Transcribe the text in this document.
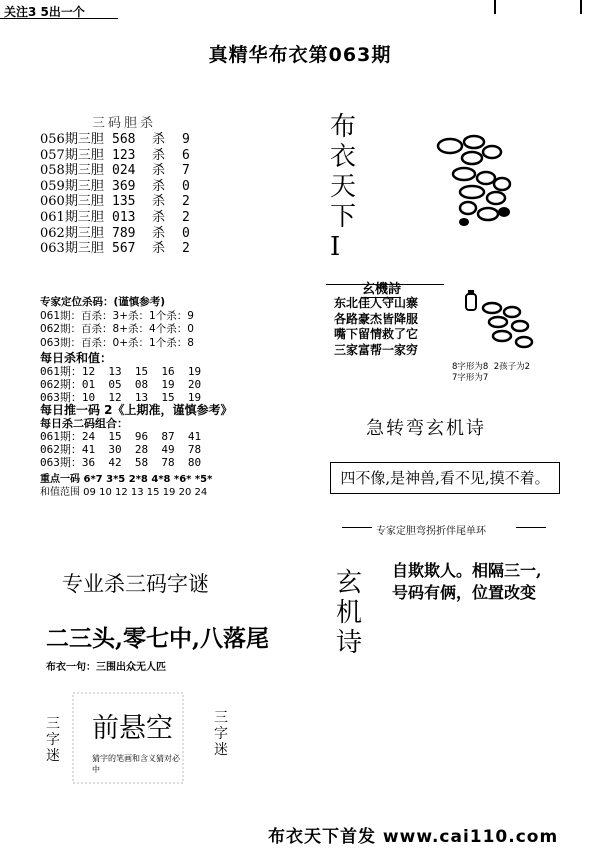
关注3 5出一个
真精华布衣第063期
三码胆杀
056期三胆 568 杀 9
057期三胆 123 杀 6
058期三胆 024 杀 7
059期三胆 369 杀 0
060期三胆 135 杀 2
061期三胆 013 杀 2
062期三胆 789 杀 0
063期三胆 567 杀 2
专家定位杀码：(谨慎参考)
061期：百杀：3+杀：1个杀：9
062期：百杀：8+杀：4个杀：0
063期：百杀：0+杀：1个杀：8
每日杀和值：
061期：12  13  15  16  19
062期：01  05  08  19  20
063期：10  12  13  15  19
每日推一码 2《上期准，谨慎参考》
每日杀二码组合：
061期：24  15  96  87  41
062期：41  30  28  49  78
063期：36  42  58  78  80
重点一码 6*7 3*5 2*8 4*8 *6* *5*
和值范围 09 10 12 13 15 19 20 24
专业杀三码字谜
二三头,零七中,八落尾
布衣一句：三围出众无人匹
前悬空
猜字的笔画和含义猜对必中
三
字
迷
三
字
迷
布
衣
天
下
I
玄機詩
东北佳人守山寨
各路豪杰皆降服
嘴下留情救了它
三家富帮一家穷
8字形为8  2孩子为2
7字形为7
急转弯玄机诗
四不像,是神兽,看不见,摸不着。
专家定胆弯拐折伴尾单环
玄
机
诗
自欺欺人。相隔三一,
号码有俩，位置改变
布衣天下首发 www.cai110.com
